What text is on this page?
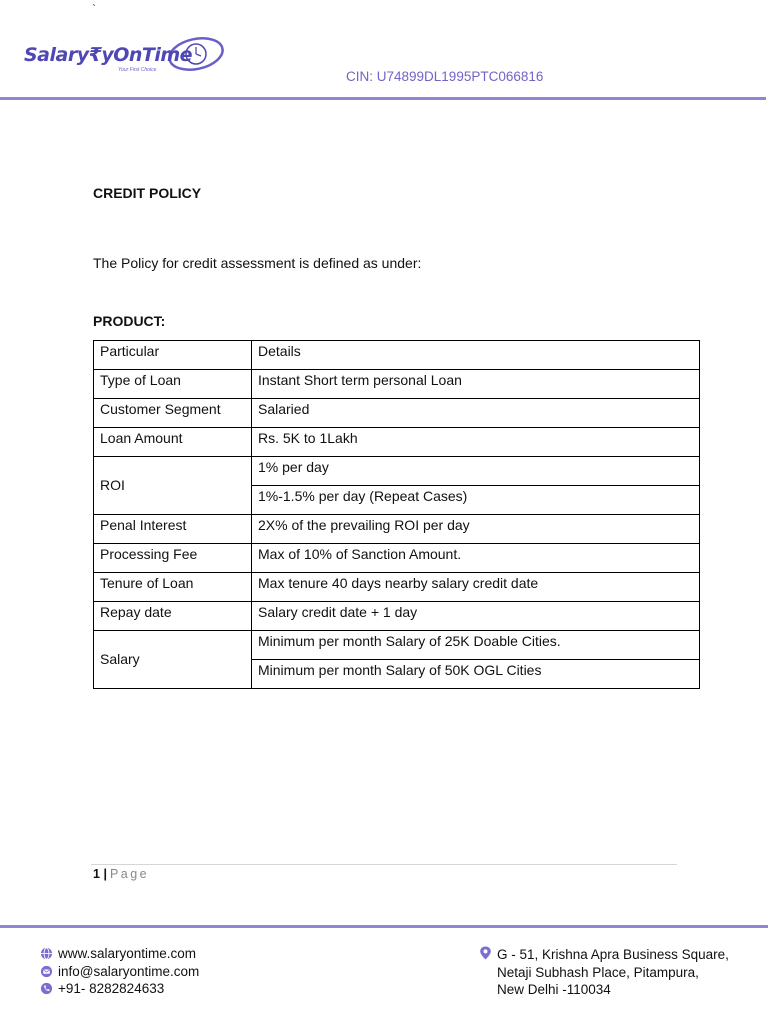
`
Salary₹yOnTime
Your First Choice	CIN: U74899DL1995PTC066816
CREDIT POLICY
The Policy for credit assessment is defined as under:
PRODUCT:
Particular	Details
Type of Loan	Instant Short term personal Loan
Customer Segment	Salaried
Loan Amount	Rs. 5K to 1Lakh
ROI	1% per day
	1%-1.5% per day (Repeat Cases)
Penal Interest	2X% of the prevailing ROI per day
Processing Fee	Max of 10% of Sanction Amount.
Tenure of Loan	Max tenure 40 days nearby salary credit date
Repay date	Salary credit date + 1 day
Salary	Minimum per month Salary of 25K Doable Cities.
	Minimum per month Salary of 50K OGL Cities
1 | Page
www.salaryontime.com
info@salaryontime.com
+91- 8282824633
G - 51, Krishna Apra Business Square,
Netaji Subhash Place, Pitampura,
New Delhi -110034
